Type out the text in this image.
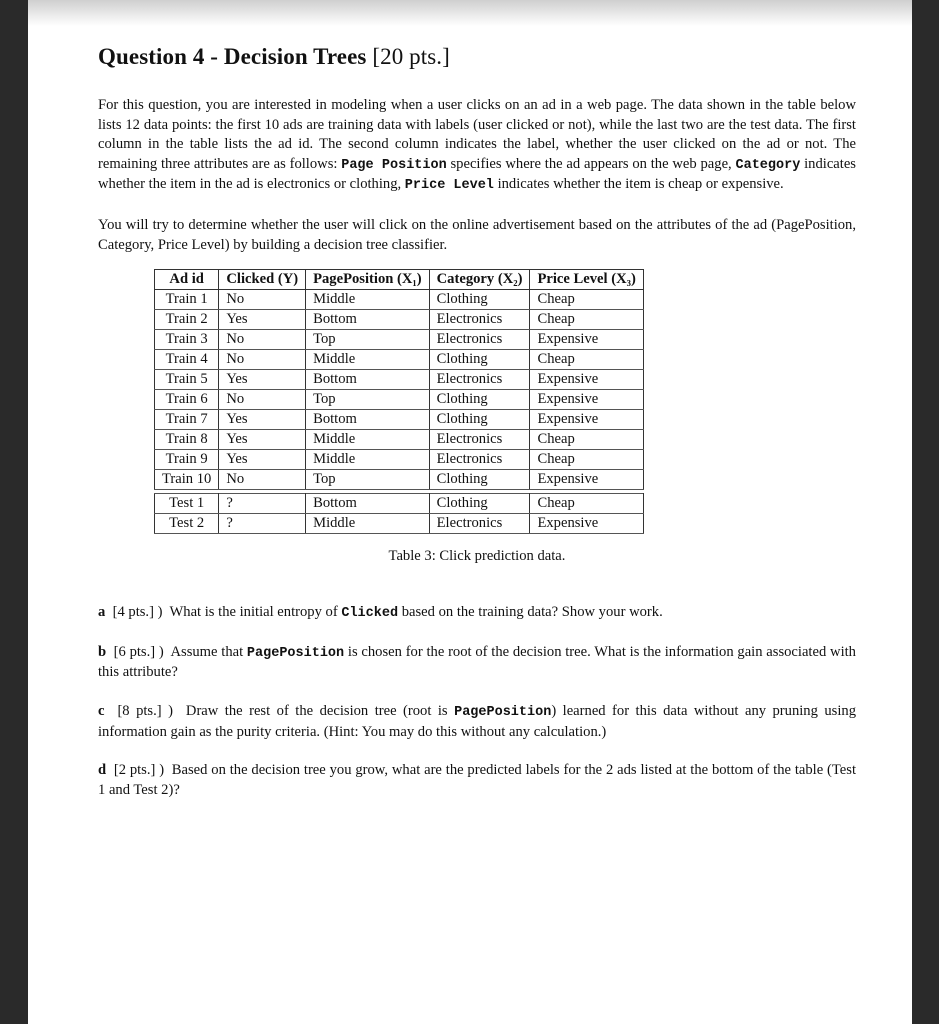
Question 4 - Decision Trees [20 pts.]

For this question, you are interested in modeling when a user clicks on an ad in a web page. The data shown in the table below lists 12 data points: the first 10 ads are training data with labels (user clicked or not), while the last two are the test data. The first column in the table lists the ad id. The second column indicates the label, whether the user clicked on the ad or not. The remaining three attributes are as follows: Page Position specifies where the ad appears on the web page, Category indicates whether the item in the ad is electronics or clothing, Price Level indicates whether the item is cheap or expensive.

You will try to determine whether the user will click on the online advertisement based on the attributes of the ad (PagePosition, Category, Price Level) by building a decision tree classifier.

Ad id	Clicked (Y)	PagePosition (X₁)	Category (X₂)	Price Level (X₃)
Train 1	No	Middle	Clothing	Cheap
Train 2	Yes	Bottom	Electronics	Cheap
Train 3	No	Top	Electronics	Expensive
Train 4	No	Middle	Clothing	Cheap
Train 5	Yes	Bottom	Electronics	Expensive
Train 6	No	Top	Clothing	Expensive
Train 7	Yes	Bottom	Clothing	Expensive
Train 8	Yes	Middle	Electronics	Cheap
Train 9	Yes	Middle	Electronics	Cheap
Train 10	No	Top	Clothing	Expensive

Test 1	?	Bottom	Clothing	Cheap
Test 2	?	Middle	Electronics	Expensive
Table 3: Click prediction data.

a [4 pts.] ) What is the initial entropy of Clicked based on the training data? Show your work.

b [6 pts.] ) Assume that PagePosition is chosen for the root of the decision tree. What is the information gain associated with this attribute?

c [8 pts.] ) Draw the rest of the decision tree (root is PagePosition) learned for this data without any pruning using information gain as the purity criteria. (Hint: You may do this without any calculation.)

d [2 pts.] ) Based on the decision tree you grow, what are the predicted labels for the 2 ads listed at the bottom of the table (Test 1 and Test 2)?
